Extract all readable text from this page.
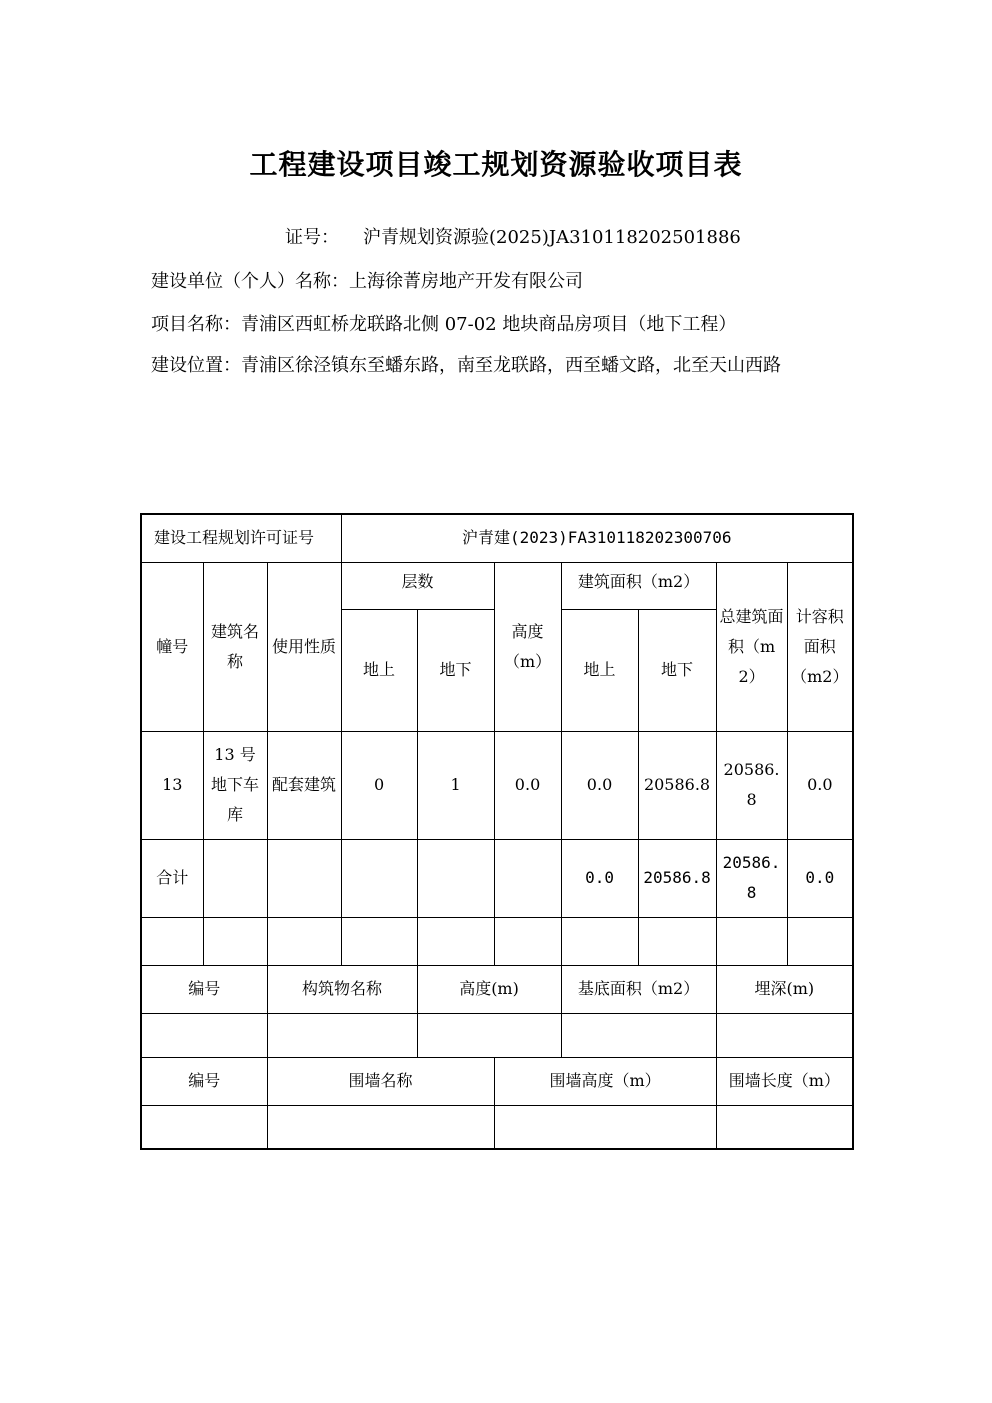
工程建设项目竣工规划资源验收项目表
证号： 沪青规划资源验(2025)JA310118202501886
建设单位（个人）名称：上海徐菁房地产开发有限公司
项目名称：青浦区西虹桥龙联路北侧 07-02 地块商品房项目（地下工程）
建设位置：青浦区徐泾镇东至蟠东路，南至龙联路，西至蟠文路，北至天山西路
建设工程规划许可证号			沪青建(2023)FA310118202300706						
幢号	建筑名称	使用性质	层数		高度（m）	建筑面积（m2）		总建筑面积（m2）	计容积面积（m2）
			地上	地下		地上	地下		
13	13 号地下车库	配套建筑	0	1	0.0	0.0	20586.8	20586.8	0.0
合计						0.0	20586.8	20586.8	0.0

编号		构筑物名称		高度(m)		基底面积（m2）		埋深(m)	

编号		围墙名称			围墙高度（m）			围墙长度（m）	
